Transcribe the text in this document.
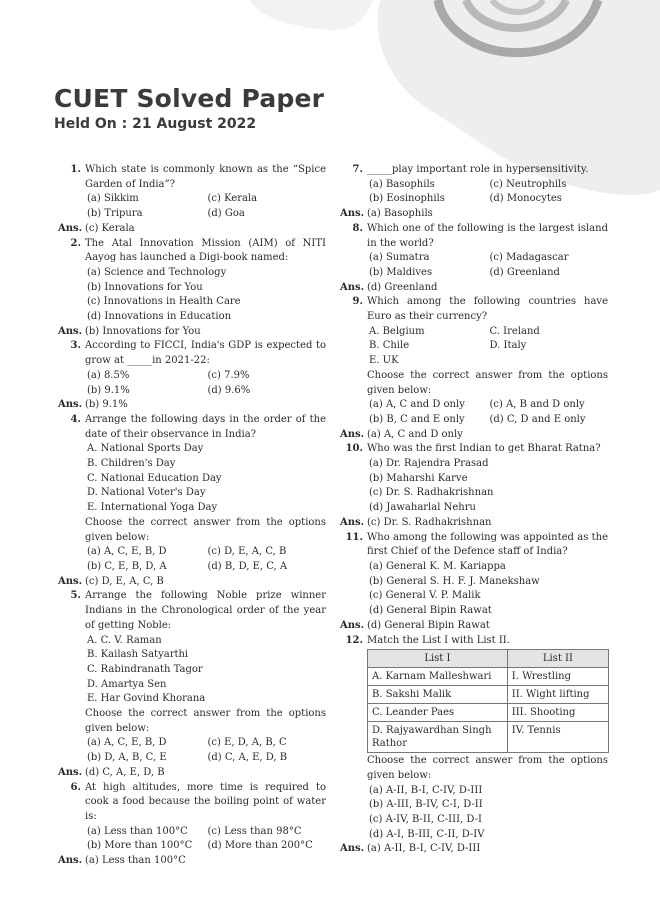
CUET Solved Paper
Held On : 21 August 2022
1. Which state is commonly known as the “Spice Garden of India”?
(a) Sikkim	(c) Kerala
(b) Tripura	(d) Goa
Ans. (c) Kerala
2. The Atal Innovation Mission (AIM) of NITI Aayog has launched a Digi-book named:
(a) Science and Technology
(b) Innovations for You
(c) Innovations in Health Care
(d) Innovations in Education
Ans. (b) Innovations for You
3. According to FICCI, India's GDP is expected to grow at _____in 2021-22:
(a) 8.5%	(c) 7.9%
(b) 9.1%	(d) 9.6%
Ans. (b) 9.1%
4. Arrange the following days in the order of the date of their observance in India?
A. National Sports Day
B. Children's Day
C. National Education Day
D. National Voter's Day
E. International Yoga Day
Choose the correct answer from the options given below:
(a) A, C, E, B, D	(c) D, E, A, C, B
(b) C, E, B, D, A	(d) B, D, E, C, A
Ans. (c) D, E, A, C, B
5. Arrange the following Noble prize winner Indians in the Chronological order of the year of getting Noble:
A. C. V. Raman
B. Kailash Satyarthi
C. Rabindranath Tagor
D. Amartya Sen
E. Har Govind Khorana
Choose the correct answer from the options given below:
(a) A, C, E, B, D	(c) E, D, A, B, C
(b) D, A, B, C, E	(d) C, A, E, D, B
Ans. (d) C, A, E, D, B
6. At high altitudes, more time is required to cook a food because the boiling point of water is:
(a) Less than 100°C	(c) Less than 98°C
(b) More than 100°C	(d) More than 200°C
Ans. (a) Less than 100°C
7. _____play important role in hypersensitivity.
(a) Basophils	(c) Neutrophils
(b) Eosinophils	(d) Monocytes
Ans. (a) Basophils
8. Which one of the following is the largest island in the world?
(a) Sumatra	(c) Madagascar
(b) Maldives	(d) Greenland
Ans. (d) Greenland
9. Which among the following countries have Euro as their currency?
A. Belgium	C. Ireland
B. Chile	D. Italy
E. UK
Choose the correct answer from the options given below:
(a) A, C and D only	(c) A, B and D only
(b) B, C and E only	(d) C, D and E only
Ans. (a) A, C and D only
10. Who was the first Indian to get Bharat Ratna?
(a) Dr. Rajendra Prasad
(b) Maharshi Karve
(c) Dr. S. Radhakrishnan
(d) Jawaharlal Nehru
Ans. (c) Dr. S. Radhakrishnan
11. Who among the following was appointed as the first Chief of the Defence staff of India?
(a) General K. M. Kariappa
(b) General S. H. F. J. Manekshaw
(c) General V. P. Malik
(d) General Bipin Rawat
Ans. (d) General Bipin Rawat
12. Match the List I with List II.
List I	List II
A. Karnam Malleshwari	I. Wrestling
B. Sakshi Malik	II. Wight lifting
C. Leander Paes	III. Shooting
D. Rajyawardhan Singh Rathor	IV. Tennis
Choose the correct answer from the options given below:
(a) A-II, B-I, C-IV, D-III
(b) A-III, B-IV, C-I, D-II
(c) A-IV, B-II, C-III, D-I
(d) A-I, B-III, C-II, D-IV
Ans. (a) A-II, B-I, C-IV, D-III
